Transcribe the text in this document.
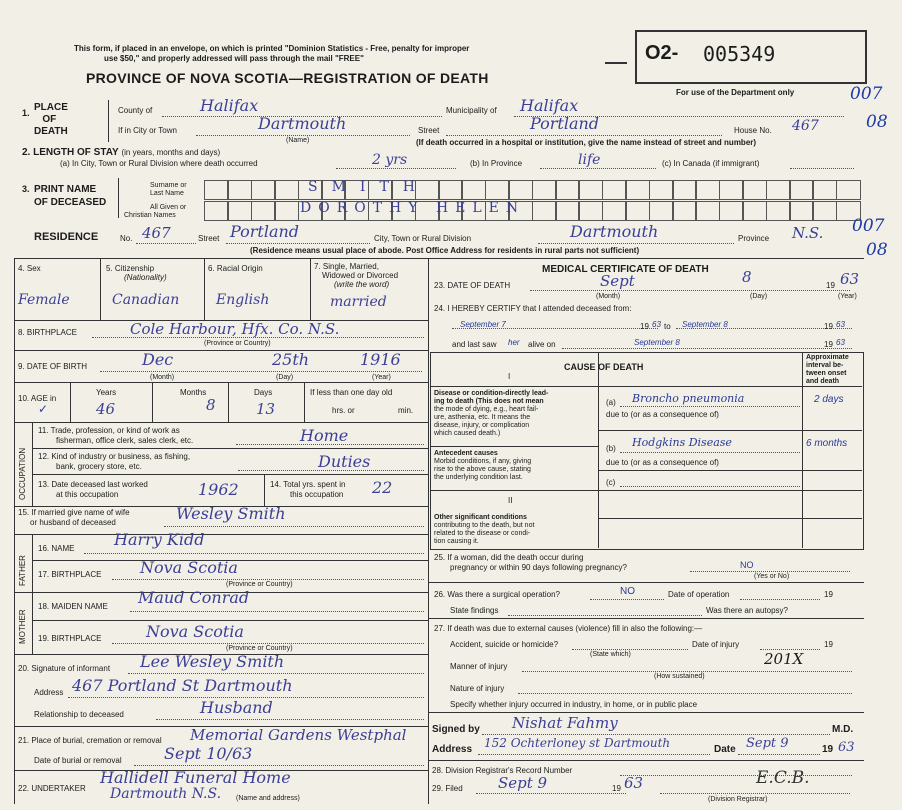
This form, if placed in an envelope, on which is printed "Dominion Statistics - Free, penalty for improper
use $50," and properly addressed will pass through the mail "FREE"
PROVINCE OF NOVA SCOTIA—REGISTRATION OF DEATH
O2- 005349
For use of the Department only	007
08
1. PLACE
OF
DEATH
County of	Halifax	Municipality of Halifax
If in City or Town	Dartmouth
(Name)
Street	Portland	House No. 467
(If death occurred in a hospital or institution, give the name instead of street and number)
2. LENGTH OF STAY (in years, months and days)
(a) In City, Town or Rural Division where death occurred	2 yrs	(b) In Province	life	(c) In Canada (if immigrant)
3. PRINT NAME
OF DECEASED
Surname or
Last Name
All Given or
Christian Names
SMITH
DOROTHY HELEN
RESIDENCE	No. 467	Street Portland	City, Town or Rural Division	Dartmouth	Province N.S.
(Residence means usual place of abode. Post Office Address for residents in rural parts not sufficient)
007
08
4. Sex
Female
5. Citizenship
(Nationality)
Canadian
6. Racial Origin
English
7. Single, Married,
Widowed or Divorced
(write the word)
married
8. BIRTHPLACE	Cole Harbour, Hfx. Co. N.S.
(Province or Country)
9. DATE OF BIRTH	Dec	25th	1916
(Month)	(Day)	(Year)
10. AGE in
Years	Months	Days
46	8	13
If less than one day old
hrs. or	min.
✓
OCCUPATION
11. Trade, profession, or kind of work as
fisherman, office clerk, sales clerk, etc.	Home
12. Kind of industry or business, as fishing,
bank, grocery store, etc.	Duties
13. Date deceased last worked
at this occupation	1962	14. Total yrs. spent in
this occupation 22
15. If married give name of wife
or husband of deceased	Wesley Smith
FATHER
16. NAME Harry Kidd
17. BIRTHPLACE Nova Scotia
(Province or Country)
MOTHER
18. MAIDEN NAME Maud Conrad
19. BIRTHPLACE	Nova Scotia
(Province or Country)
20. Signature of informant Lee Wesley Smith
Address 467 Portland St Dartmouth
Relationship to deceased	Husband
21. Place of burial, cremation or removal Memorial Gardens Westphal
Date of burial or removal	Sept 10/63
22. UNDERTAKER
Hallidell Funeral Home
Dartmouth N.S. (Name and address)
MEDICAL CERTIFICATE OF DEATH
23. DATE OF DEATH	Sept	8	19 63
(Month)	(Day)	(Year)
24. I HEREBY CERTIFY that I attended deceased from:
September 7	19 63 to September 8	19 63
and last saw her alive on	September 8	19 63
CAUSE OF DEATH
Approximate
interval be-
tween onset
and death
I
Disease or condition-directly lead-
ing to death (This does not mean
the mode of dying, e.g., heart fail-
ure, asthenia, etc. It means the
disease, injury, or complication
which caused death.)
(a) Broncho pneumonia	2 days
due to (or as a consequence of)
Antecedent causes
Morbid conditions, if any, giving
rise to the above cause, stating
the underlying condition last.
(b) Hodgkins Disease	6 months
due to (or as a consequence of)
(c)
II
Other significant conditions
contributing to the death, but not
related to the disease or condi-
tion causing it.
25. If a woman, did the death occur during
pregnancy or within 90 days following pregnancy?	NO
(Yes or No)
26. Was there a surgical operation?	NO	Date of operation	19
State findings	Was there an autopsy?
27. If death was due to external causes (violence) fill in also the following:—
Accident, suicide or homicide?	Date of injury	19
(State which)
Manner of injury	201X
(How sustained)
Nature of injury
Specify whether injury occurred in industry, in home, or in public place
Signed by Nishat Fahmy	M.D.
Address 152 Ochterloney st Dartmouth	Date Sept 9	19 63
28. Division Registrar's Record Number
29. Filed Sept 9	19 63	E.C.B.
(Division Registrar)
